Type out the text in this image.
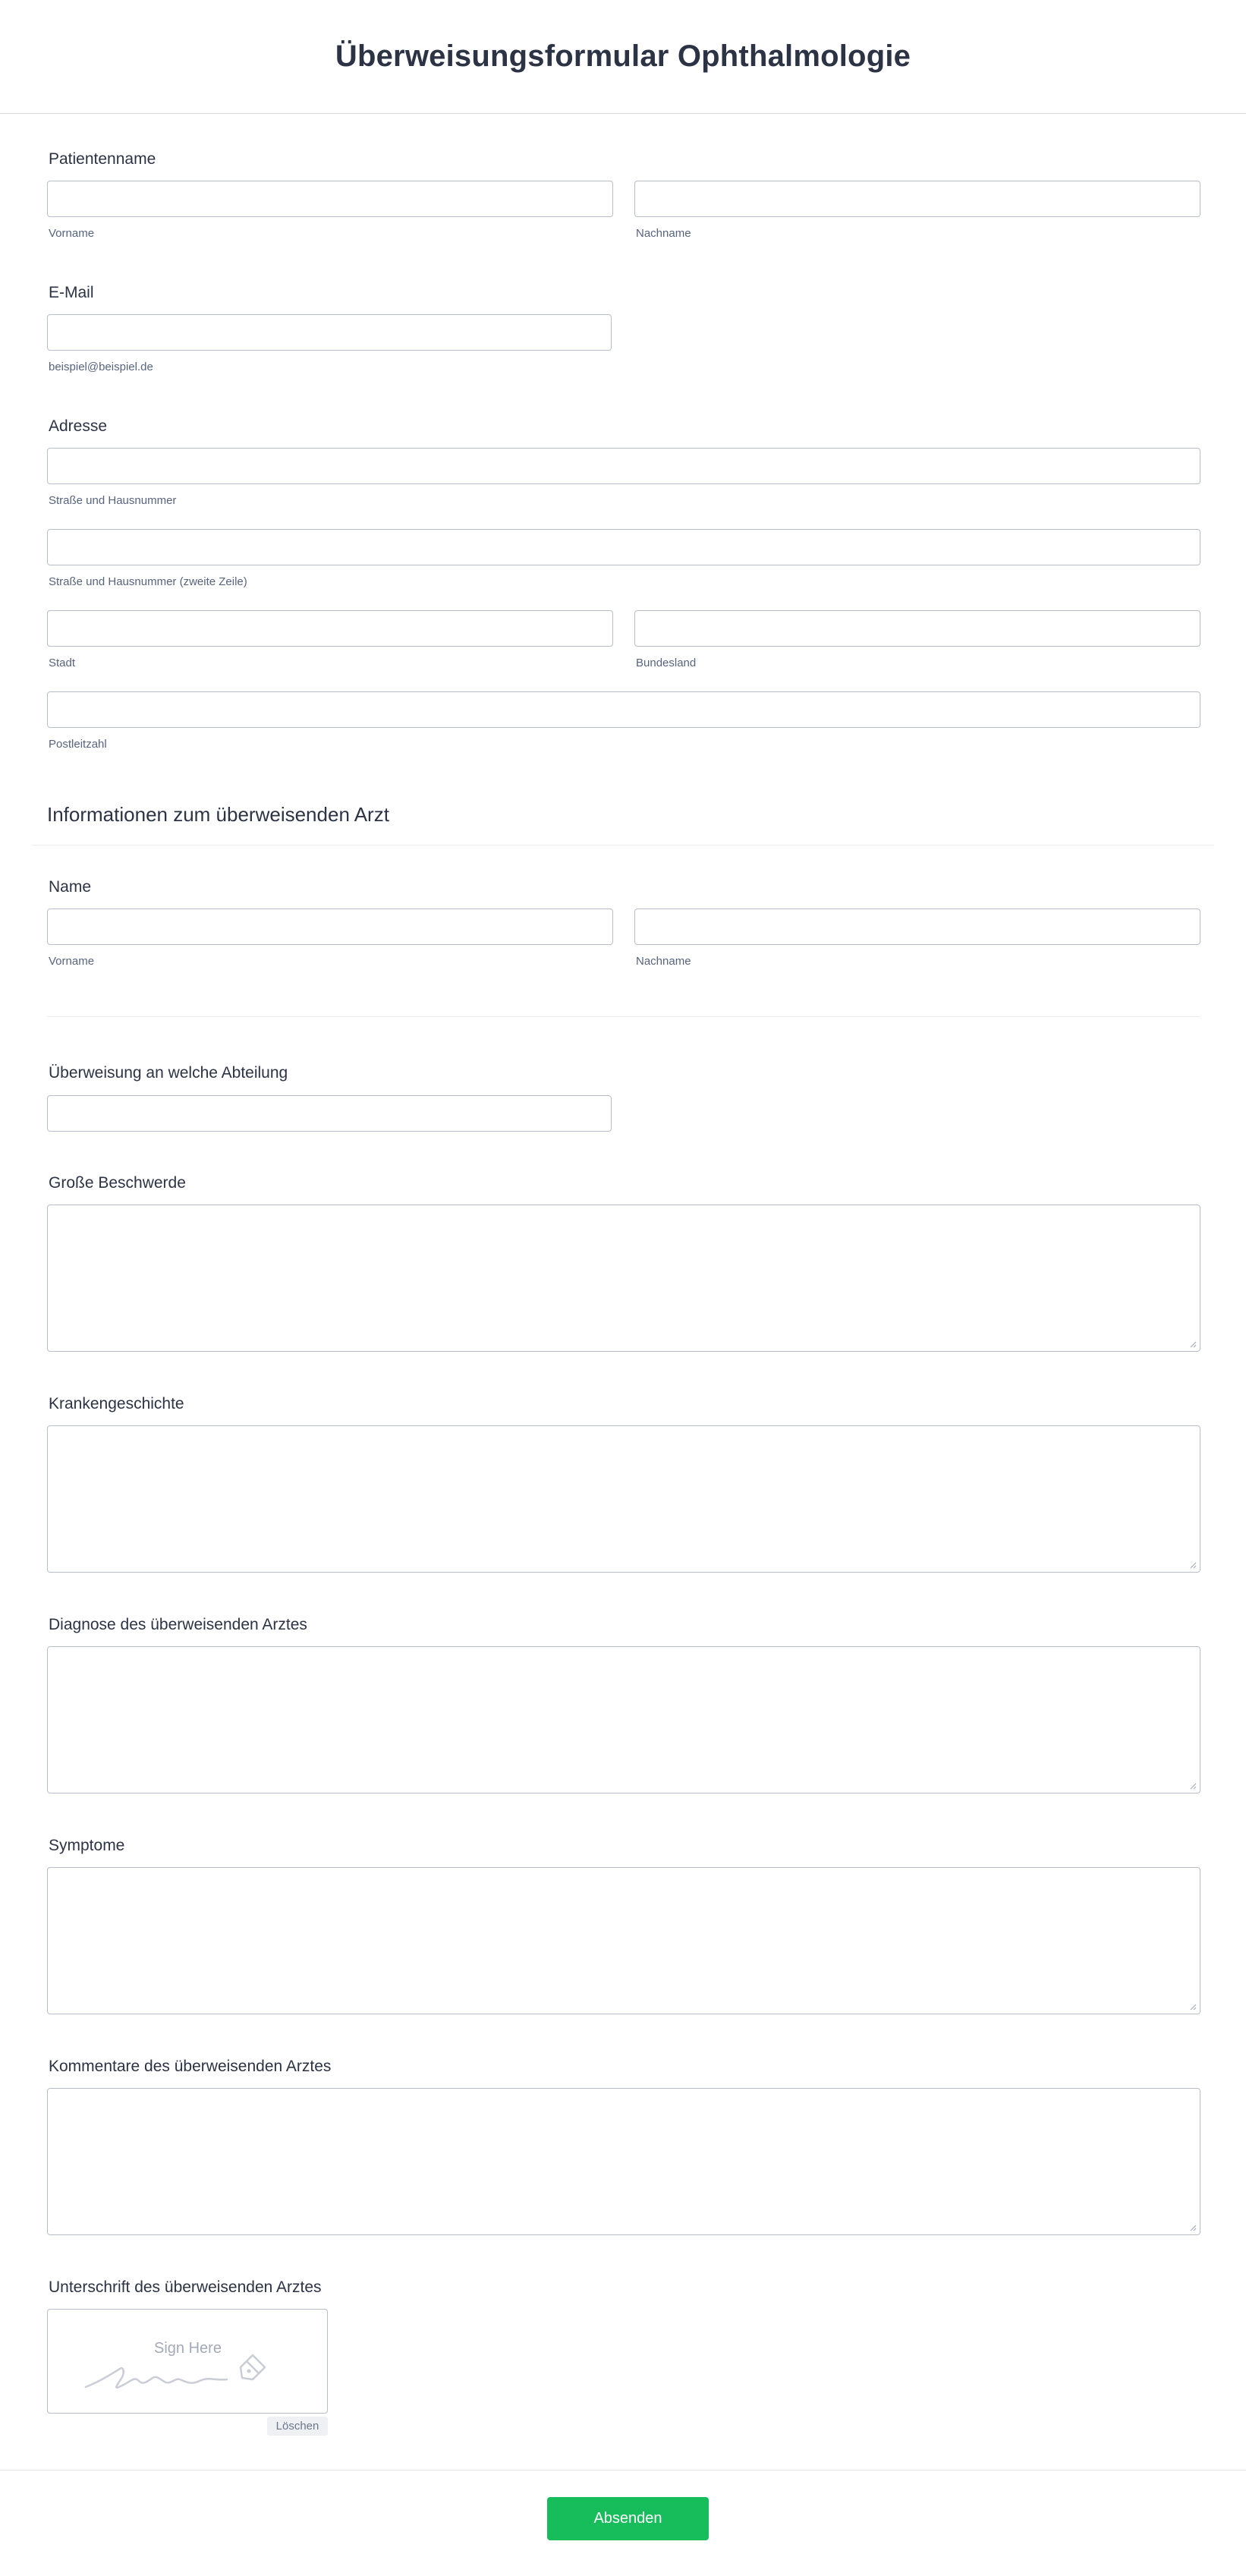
Überweisungsformular Ophthalmologie
Patientenname
Vorname	Nachname
E-Mail
beispiel@beispiel.de
Adresse
Straße und Hausnummer
Straße und Hausnummer (zweite Zeile)
Stadt	Bundesland
Postleitzahl
Informationen zum überweisenden Arzt
Name
Vorname	Nachname
Überweisung an welche Abteilung
Große Beschwerde
Krankengeschichte
Diagnose des überweisenden Arztes
Symptome
Kommentare des überweisenden Arztes
Unterschrift des überweisenden Arztes
Sign Here
Löschen
Absenden
